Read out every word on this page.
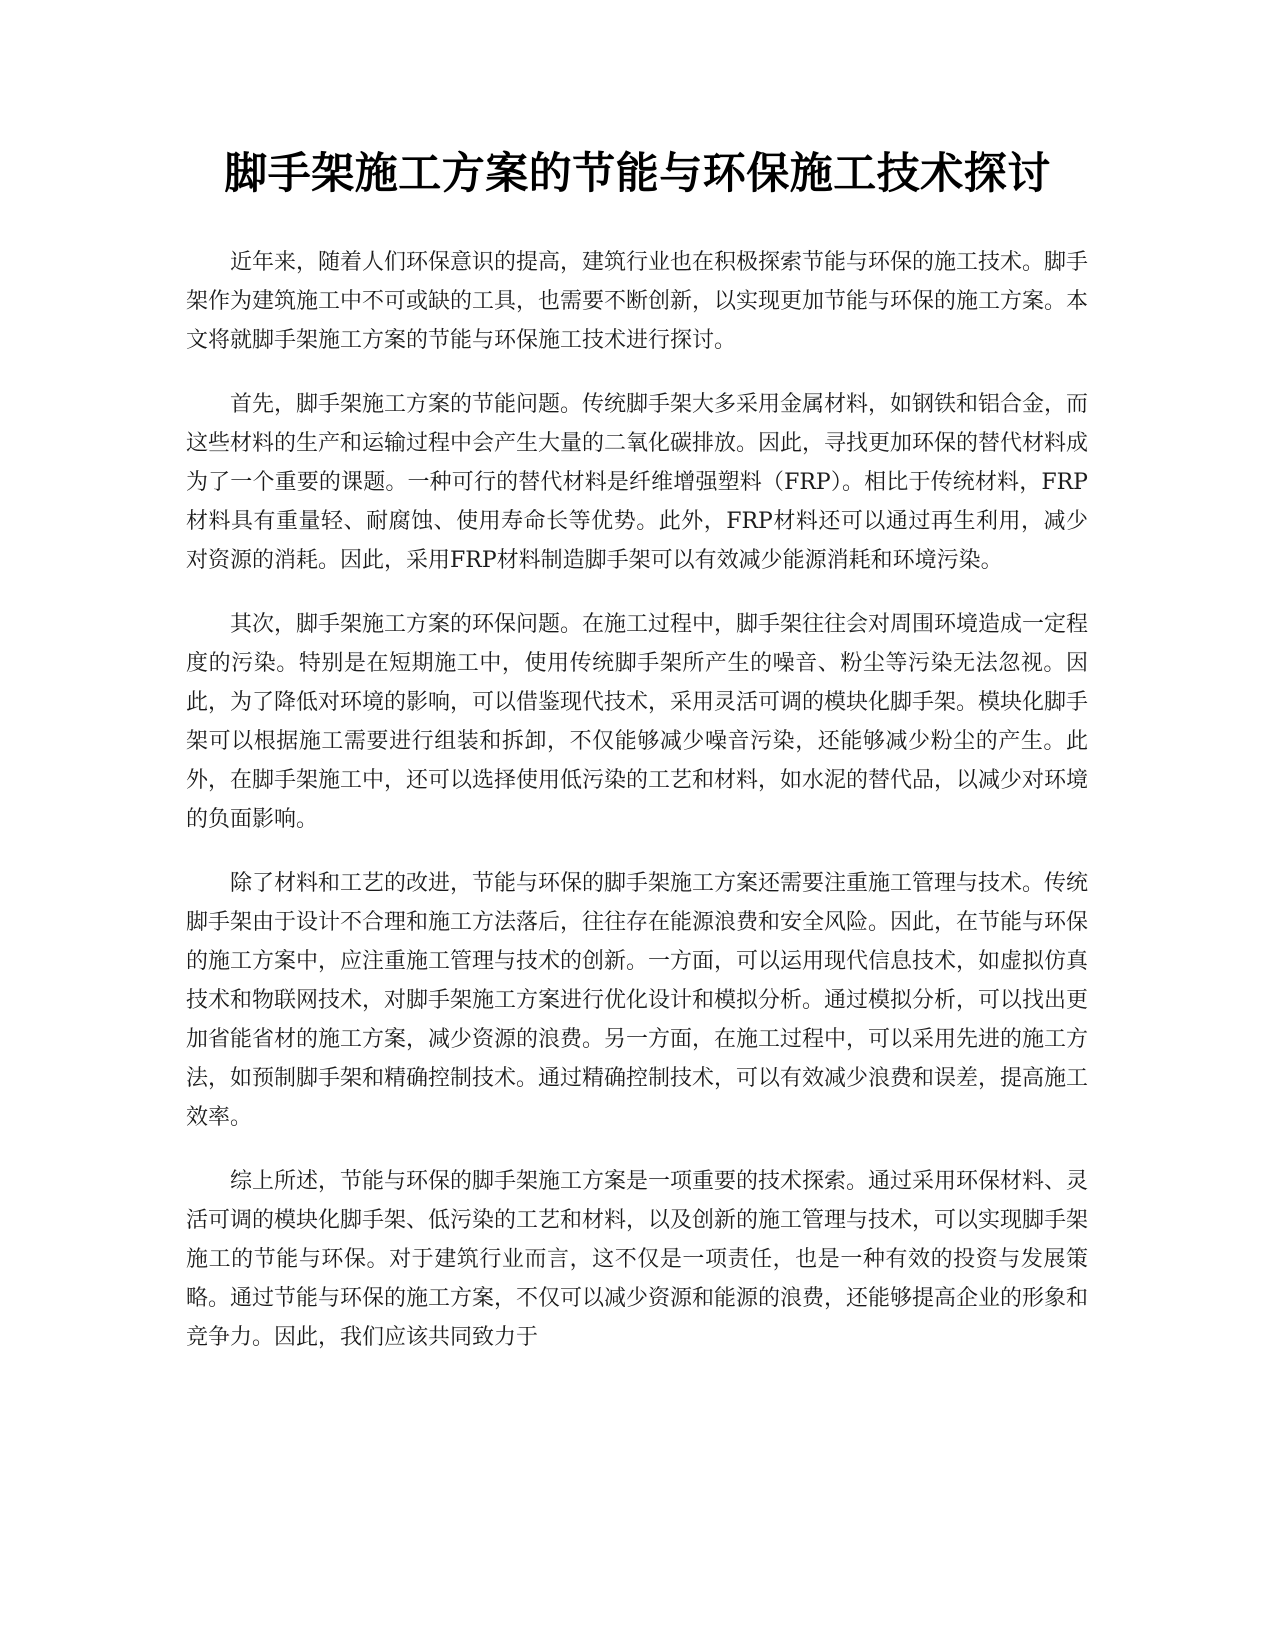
脚手架施工方案的节能与环保施工技术探讨

近年来，随着人们环保意识的提高，建筑行业也在积极探索节能与环保的施工技术。脚手架作为建筑施工中不可或缺的工具，也需要不断创新，以实现更加节能与环保的施工方案。本文将就脚手架施工方案的节能与环保施工技术进行探讨。

首先，脚手架施工方案的节能问题。传统脚手架大多采用金属材料，如钢铁和铝合金，而这些材料的生产和运输过程中会产生大量的二氧化碳排放。因此，寻找更加环保的替代材料成为了一个重要的课题。一种可行的替代材料是纤维增强塑料（FRP）。相比于传统材料，FRP材料具有重量轻、耐腐蚀、使用寿命长等优势。此外，FRP材料还可以通过再生利用，减少对资源的消耗。因此，采用FRP材料制造脚手架可以有效减少能源消耗和环境污染。

其次，脚手架施工方案的环保问题。在施工过程中，脚手架往往会对周围环境造成一定程度的污染。特别是在短期施工中，使用传统脚手架所产生的噪音、粉尘等污染无法忽视。因此，为了降低对环境的影响，可以借鉴现代技术，采用灵活可调的模块化脚手架。模块化脚手架可以根据施工需要进行组装和拆卸，不仅能够减少噪音污染，还能够减少粉尘的产生。此外，在脚手架施工中，还可以选择使用低污染的工艺和材料，如水泥的替代品，以减少对环境的负面影响。

除了材料和工艺的改进，节能与环保的脚手架施工方案还需要注重施工管理与技术。传统脚手架由于设计不合理和施工方法落后，往往存在能源浪费和安全风险。因此，在节能与环保的施工方案中，应注重施工管理与技术的创新。一方面，可以运用现代信息技术，如虚拟仿真技术和物联网技术，对脚手架施工方案进行优化设计和模拟分析。通过模拟分析，可以找出更加省能省材的施工方案，减少资源的浪费。另一方面，在施工过程中，可以采用先进的施工方法，如预制脚手架和精确控制技术。通过精确控制技术，可以有效减少浪费和误差，提高施工效率。

综上所述，节能与环保的脚手架施工方案是一项重要的技术探索。通过采用环保材料、灵活可调的模块化脚手架、低污染的工艺和材料，以及创新的施工管理与技术，可以实现脚手架施工的节能与环保。对于建筑行业而言，这不仅是一项责任，也是一种有效的投资与发展策略。通过节能与环保的施工方案，不仅可以减少资源和能源的浪费，还能够提高企业的形象和竞争力。因此，我们应该共同致力于
